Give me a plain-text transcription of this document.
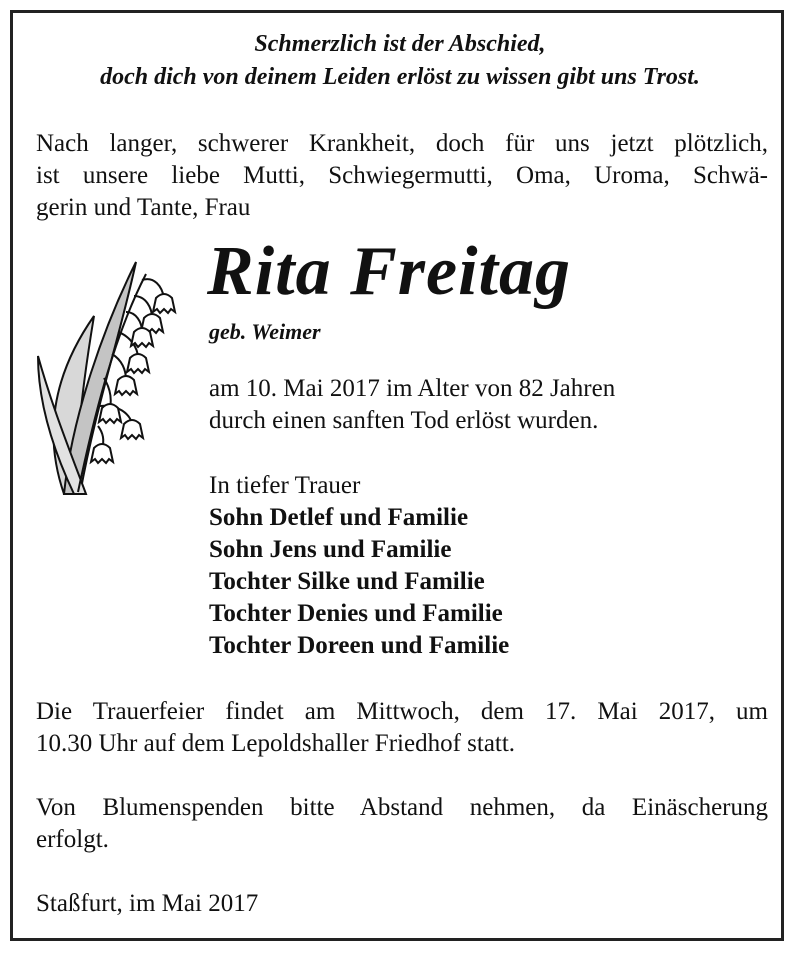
Schmerzlich ist der Abschied,
doch dich von deinem Leiden erlöst zu wissen gibt uns Trost.
Nach langer, schwerer Krankheit, doch für uns jetzt plötzlich,
ist unsere liebe Mutti, Schwiegermutti, Oma, Uroma, Schwä-
gerin und Tante, Frau
Rita Freitag
geb. Weimer
am 10. Mai 2017 im Alter von 82 Jahren
durch einen sanften Tod erlöst wurden.
In tiefer Trauer
Sohn Detlef und Familie
Sohn Jens und Familie
Tochter Silke und Familie
Tochter Denies und Familie
Tochter Doreen und Familie
Die Trauerfeier findet am Mittwoch, dem 17. Mai 2017, um
10.30 Uhr auf dem Lepoldshaller Friedhof statt.
Von Blumenspenden bitte Abstand nehmen, da Einäscherung
erfolgt.
Staßfurt, im Mai 2017
